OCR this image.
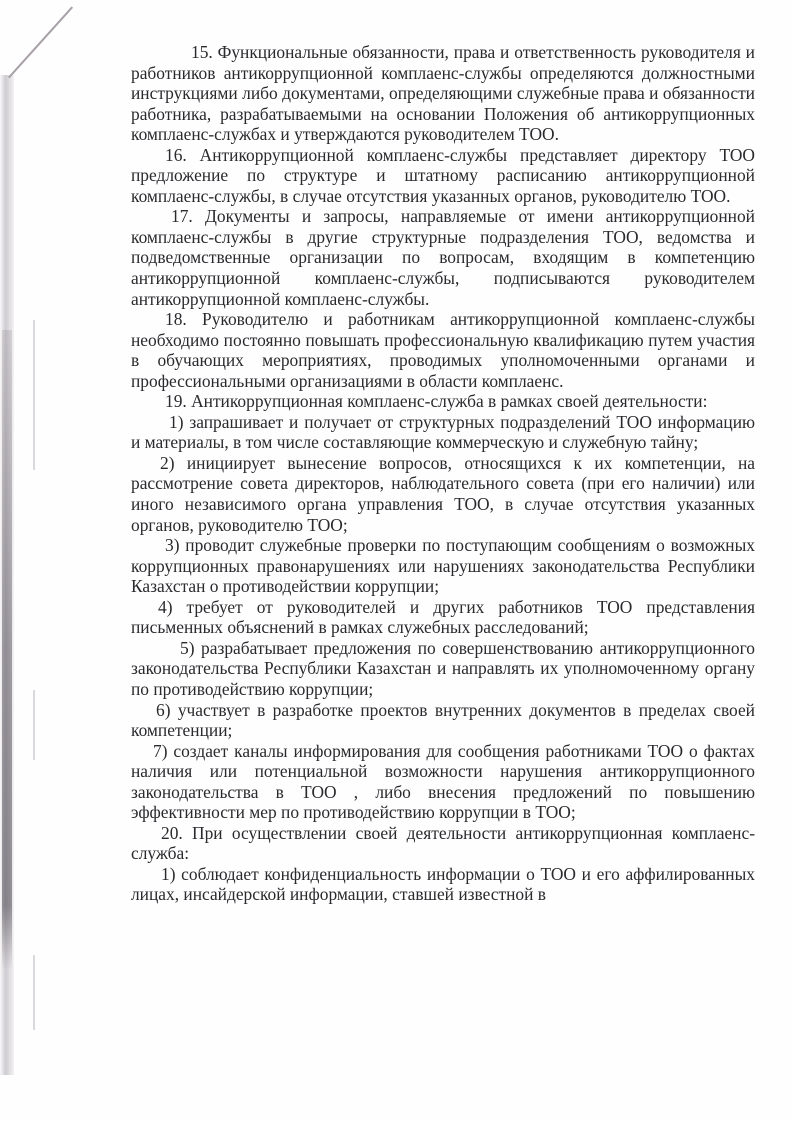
15. Функциональные обязанности, права и ответственность руководителя и работников антикоррупционной комплаенс-службы определяются должностными инструкциями либо документами, определяющими служебные права и обязанности работника, разрабатываемыми на основании Положения об антикоррупционных комплаенс-службах и утверждаются руководителем ТОО.

16. Антикоррупционной комплаенс-службы представляет директору ТОО предложение по структуре и штатному расписанию антикоррупционной комплаенс-службы, в случае отсутствия указанных органов, руководителю ТОО.

17. Документы и запросы, направляемые от имени антикоррупционной комплаенс-службы в другие структурные подразделения ТОО, ведомства и подведомственные организации по вопросам, входящим в компетенцию антикоррупционной комплаенс-службы, подписываются руководителем антикоррупционной комплаенс-службы.

18. Руководителю и работникам антикоррупционной комплаенс-службы необходимо постоянно повышать профессиональную квалификацию путем участия в обучающих мероприятиях, проводимых уполномоченными органами и профессиональными организациями в области комплаенс.

19. Антикоррупционная комплаенс-служба в рамках своей деятельности:

1) запрашивает и получает от структурных подразделений ТОО информацию и материалы, в том числе составляющие коммерческую и служебную тайну;

2) инициирует вынесение вопросов, относящихся к их компетенции, на рассмотрение совета директоров, наблюдательного совета (при его наличии) или иного независимого органа управления ТОО, в случае отсутствия указанных органов, руководителю ТОО;

3) проводит служебные проверки по поступающим сообщениям о возможных коррупционных правонарушениях или нарушениях законодательства Республики Казахстан о противодействии коррупции;

4) требует от руководителей и других работников ТОО представления письменных объяснений в рамках служебных расследований;

5) разрабатывает предложения по совершенствованию антикоррупционного законодательства Республики Казахстан и направлять их уполномоченному органу по противодействию коррупции;

6) участвует в разработке проектов внутренних документов в пределах своей компетенции;

7) создает каналы информирования для сообщения работниками ТОО о фактах наличия или потенциальной возможности нарушения антикоррупционного законодательства в ТОО , либо внесения предложений по повышению эффективности мер по противодействию коррупции в ТОО;

20. При осуществлении своей деятельности антикоррупционная комплаенс-служба:

1) соблюдает конфиденциальность информации о ТОО и его аффилированных лицах, инсайдерской информации, ставшей известной в
